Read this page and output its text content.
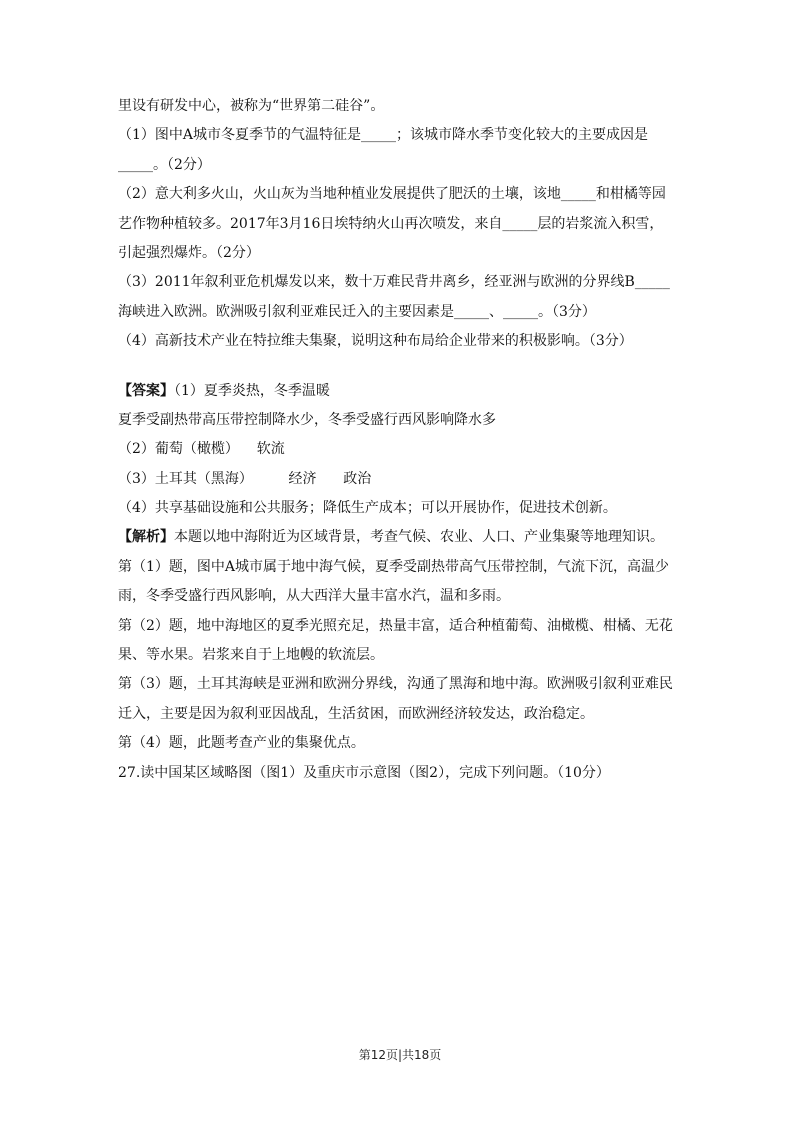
里设有研发中心，被称为“世界第二硅谷”。
（1）图中A城市冬夏季节的气温特征是_____；该城市降水季节变化较大的主要成因是
_____。（2分）
（2）意大利多火山，火山灰为当地种植业发展提供了肥沃的土壤，该地_____和柑橘等园
艺作物种植较多。2017年3月16日埃特纳火山再次喷发，来自_____层的岩浆流入积雪，
引起强烈爆炸。（2分）
（3）2011年叙利亚危机爆发以来，数十万难民背井离乡，经亚洲与欧洲的分界线B_____
海峡进入欧洲。欧洲吸引叙利亚难民迁入的主要因素是_____、_____。（3分）
（4）高新技术产业在特拉维夫集聚，说明这种布局给企业带来的积极影响。（3分）
【答案】（1）夏季炎热，冬季温暖
夏季受副热带高压带控制降水少，冬季受盛行西风影响降水多
（2）葡萄（橄榄）    软流
（3）土耳其（黑海）        经济      政治
（4）共享基础设施和公共服务；降低生产成本；可以开展协作，促进技术创新。
【解析】本题以地中海附近为区域背景，考查气候、农业、人口、产业集聚等地理知识。
第（1）题，图中A城市属于地中海气候，夏季受副热带高气压带控制，气流下沉，高温少
雨，冬季受盛行西风影响，从大西洋大量丰富水汽，温和多雨。
第（2）题，地中海地区的夏季光照充足，热量丰富，适合种植葡萄、油橄榄、柑橘、无花
果、等水果。岩浆来自于上地幔的软流层。
第（3）题，土耳其海峡是亚洲和欧洲分界线，沟通了黑海和地中海。欧洲吸引叙利亚难民
迁入，主要是因为叙利亚因战乱，生活贫困，而欧洲经济较发达，政治稳定。
第（4）题，此题考查产业的集聚优点。
27.读中国某区域略图（图1）及重庆市示意图（图2），完成下列问题。（10分）
第12页|共18页
